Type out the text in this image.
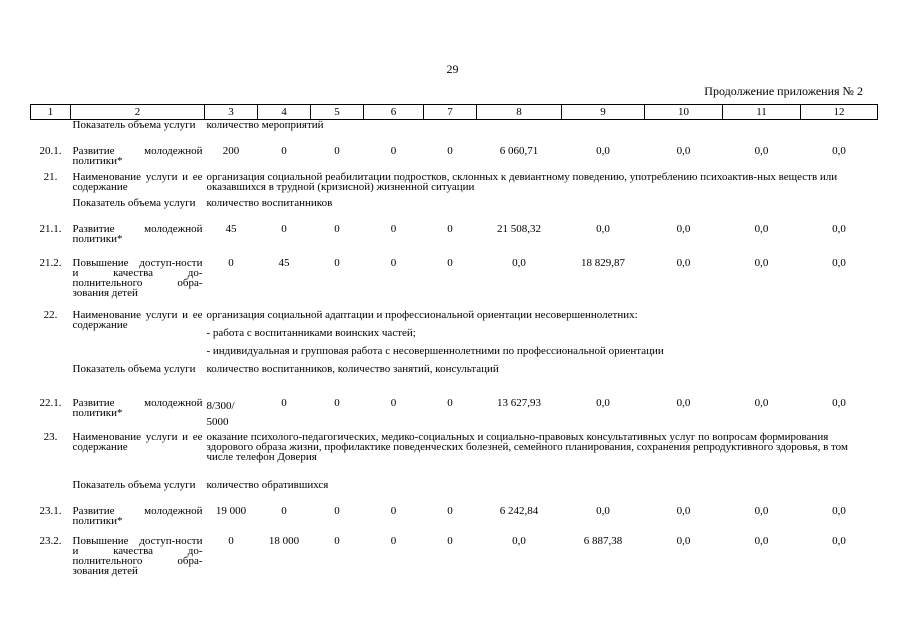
29
Продолжение приложения № 2
1	2	3	4	5	6	7	8	9	10	11	12
	Показатель объема услуги	количество мероприятий									

20.1.	Развитие молодежной политики*	200	0	0	0	0	6 060,71	0,0	0,0	0,0	0,0
21.	Наименование услуги и ее содержание	организация социальной реабилитации подростков, склонных к девиантному поведению, употреблению психоактив-ных веществ или оказавшихся в трудной (кризисной) жизненной ситуации									

	Показатель объема услуги	количество воспитанников									

21.1.	Развитие молодежной политики*	45	0	0	0	0	21 508,32	0,0	0,0	0,0	0,0
21.2.	Повышение доступ-ности и качества до-полнительного обра-зования детей	0	45	0	0	0	0,0	18 829,87	0,0	0,0	0,0
22.	Наименование услуги и ее содержание	организация социальной адаптации и профессиональной ориентации несовершеннолетних:
- работа с воспитанниками воинских частей;
- индивидуальная и групповая работа с несовершеннолетними по профессиональной ориентации									

	Показатель объема услуги	количество воспитанников, количество занятий, консультаций									

22.1.	Развитие молодежной политики*	8/300/ 5000	0	0	0	0	13 627,93	0,0	0,0	0,0	0,0
23.	Наименование услуги и ее содержание	оказание психолого-педагогических, медико-социальных и социально-правовых консультативных услуг по вопросам формирования здорового образа жизни, профилактике поведенческих болезней, семейного планирования, сохранения репродуктивного здоровья, в том числе телефон Доверия									

	Показатель объема услуги	количество обратившихся									

23.1.	Развитие молодежной политики*	19 000	0	0	0	0	6 242,84	0,0	0,0	0,0	0,0
23.2.	Повышение доступ-ности и качества до-полнительного обра-зования детей	0	18 000	0	0	0	0,0	6 887,38	0,0	0,0	0,0
